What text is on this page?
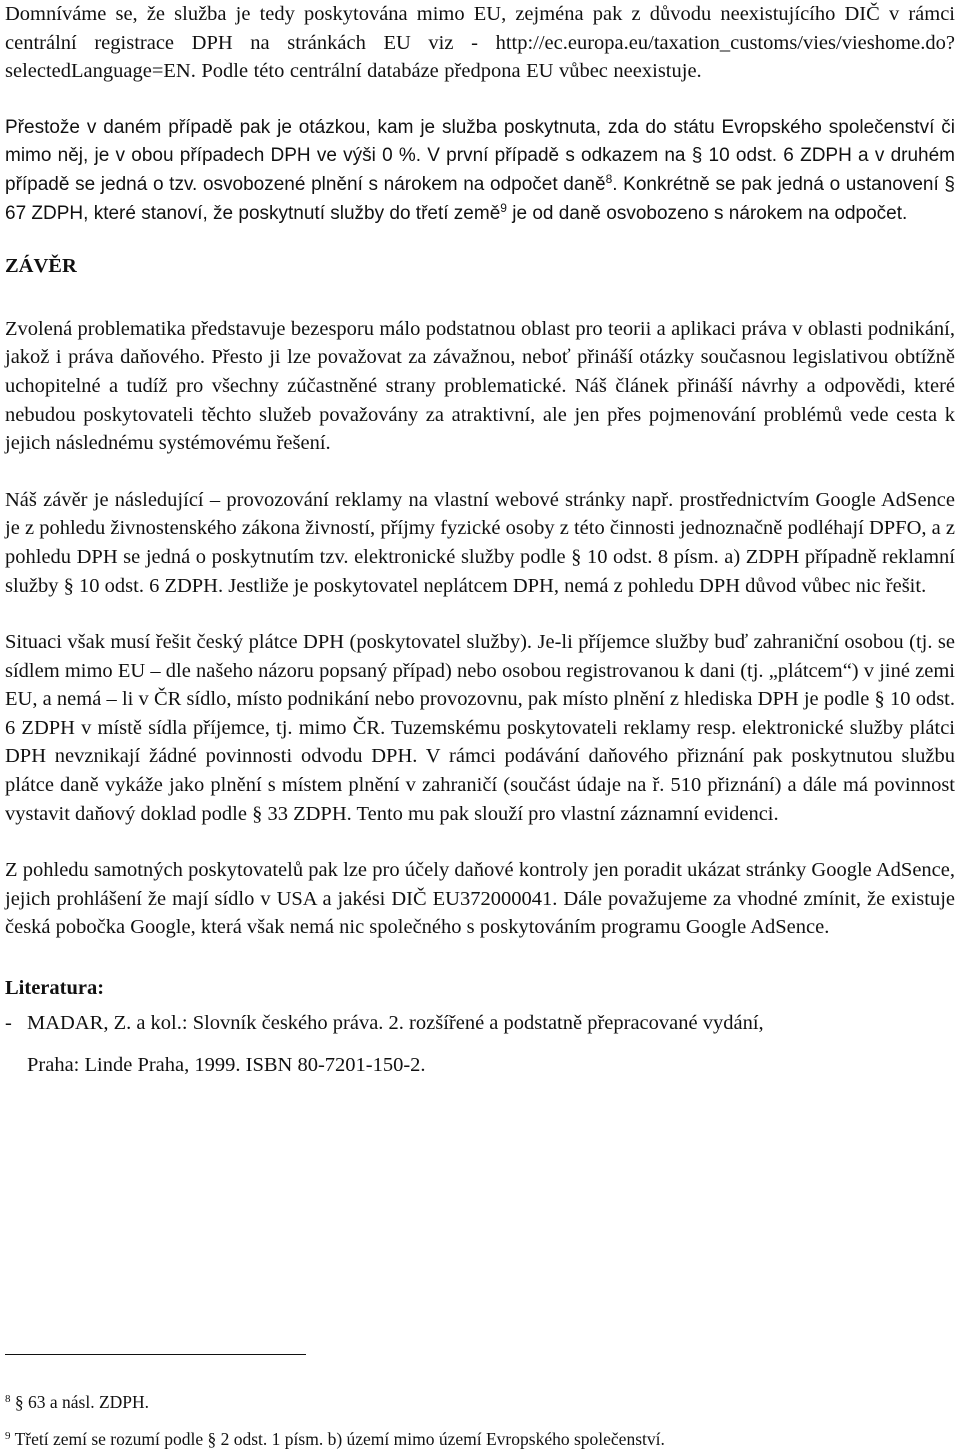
Domníváme se, že služba je tedy poskytována mimo EU, zejména pak z důvodu neexistujícího DIČ v rámci centrální registrace DPH na stránkách EU viz - http://ec.europa.eu/taxation_customs/vies/vieshome.do?selectedLanguage=EN. Podle této centrální databáze předpona EU vůbec neexistuje.

Přestože v daném případě pak je otázkou, kam je služba poskytnuta, zda do státu Evropského společenství či mimo něj, je v obou případech DPH ve výši 0 %. V první případě s odkazem na § 10 odst. 6 ZDPH a v druhém případě se jedná o tzv. osvobozené plnění s nárokem na odpočet daně$^8$. Konkrétně se pak jedná o ustanovení § 67 ZDPH, které stanoví, že poskytnutí služby do třetí země$^9$ je od daně osvobozeno s nárokem na odpočet.

ZÁVĚR

Zvolená problematika představuje bezesporu málo podstatnou oblast pro teorii a aplikaci práva v oblasti podnikání, jakož i práva daňového. Přesto ji lze považovat za závažnou, neboť přináší otázky současnou legislativou obtížně uchopitelné a tudíž pro všechny zúčastněné strany problematické. Náš článek přináší návrhy a odpovědi, které nebudou poskytovateli těchto služeb považovány za atraktivní, ale jen přes pojmenování problémů vede cesta k jejich následnému systémovému řešení.

Náš závěr je následující – provozování reklamy na vlastní webové stránky např. prostřednictvím Google AdSence je z pohledu živnostenského zákona živností, příjmy fyzické osoby z této činnosti jednoznačně podléhají DPFO, a z pohledu DPH se jedná o poskytnutím tzv. elektronické služby podle § 10 odst. 8 písm. a) ZDPH případně reklamní služby § 10 odst. 6 ZDPH. Jestliže je poskytovatel neplátcem DPH, nemá z pohledu DPH důvod vůbec nic řešit.

Situaci však musí řešit český plátce DPH (poskytovatel služby). Je-li příjemce služby buď zahraniční osobou (tj. se sídlem mimo EU – dle našeho názoru popsaný případ) nebo osobou registrovanou k dani (tj. „plátcem“) v jiné zemi EU, a nemá – li v ČR sídlo, místo podnikání nebo provozovnu, pak místo plnění z hlediska DPH je podle § 10 odst. 6 ZDPH v místě sídla příjemce, tj. mimo ČR. Tuzemskému poskytovateli reklamy resp. elektronické služby plátci DPH nevznikají žádné povinnosti odvodu DPH. V rámci podávání daňového přiznání pak poskytnutou službu plátce daně vykáže jako plnění s místem plnění v zahraničí (součást údaje na ř. 510 přiznání) a dále má povinnost vystavit daňový doklad podle § 33 ZDPH. Tento mu pak slouží pro vlastní záznamní evidenci.

Z pohledu samotných poskytovatelů pak lze pro účely daňové kontroly jen poradit ukázat stránky Google AdSence, jejich prohlášení že mají sídlo v USA a jakési DIČ EU372000041. Dále považujeme za vhodné zmínit, že existuje česká pobočka Google, která však nemá nic společného s poskytováním programu Google AdSence.

Literatura:

- MADAR, Z. a kol.: Slovník českého práva. 2. rozšířené a podstatně přepracované vydání,
Praha: Linde Praha, 1999. ISBN 80-7201-150-2.

$^8$ § 63 a násl. ZDPH.

$^9$ Třetí zemí se rozumí podle § 2 odst. 1 písm. b) území mimo území Evropského společenství.
